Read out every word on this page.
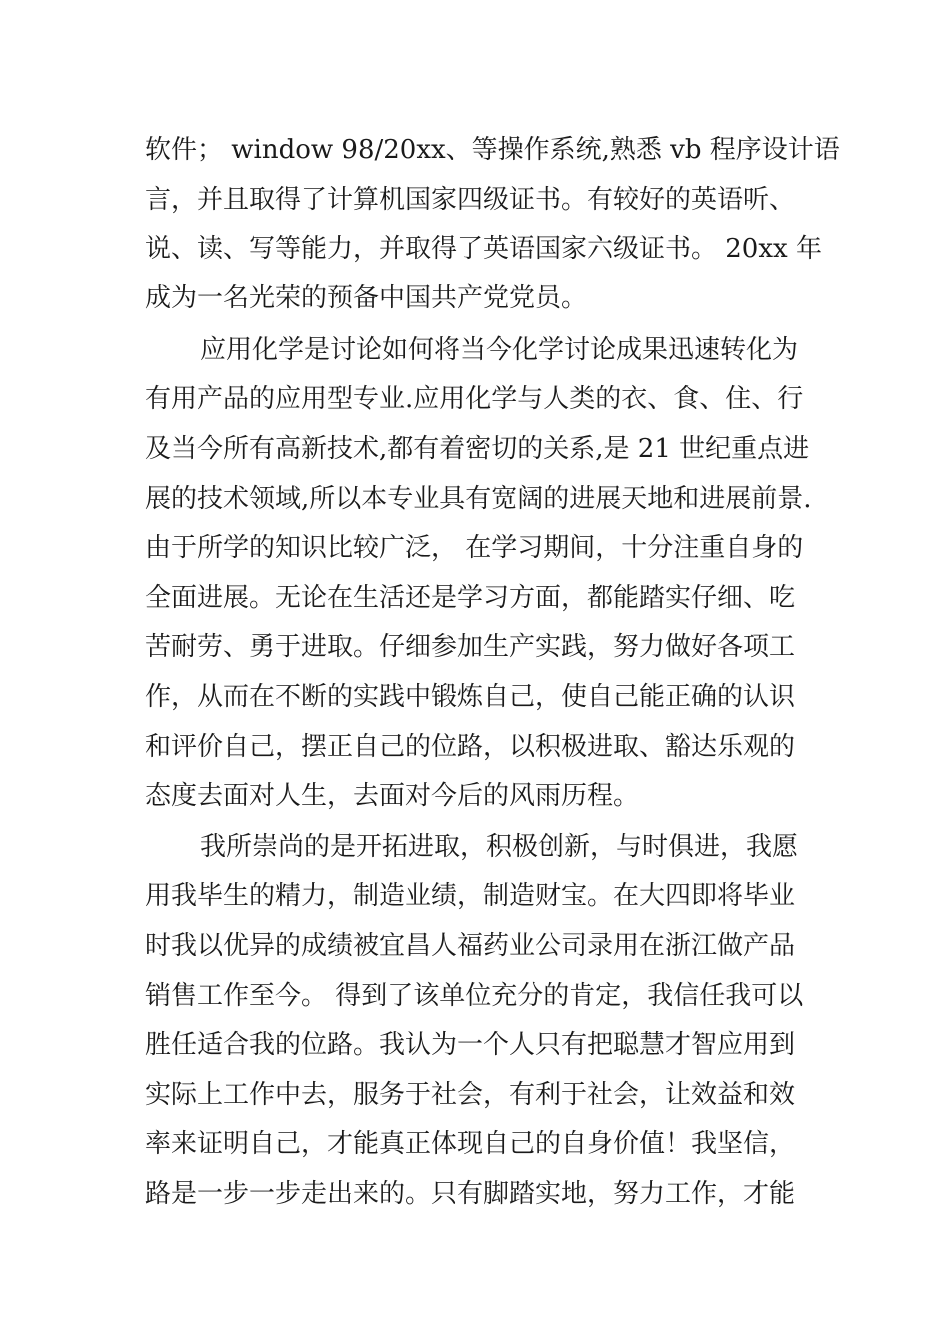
软件； window 98/20xx、等操作系统,熟悉 vb 程序设计语
言，并且取得了计算机国家四级证书。有较好的英语听、
说、读、写等能力，并取得了英语国家六级证书。 20xx 年
成为一名光荣的预备中国共产党党员。
应用化学是讨论如何将当今化学讨论成果迅速转化为
有用产品的应用型专业.应用化学与人类的衣、食、住、行
及当今所有高新技术,都有着密切的关系,是 21 世纪重点进
展的技术领域,所以本专业具有宽阔的进展天地和进展前景.
由于所学的知识比较广泛， 在学习期间，十分注重自身的
全面进展。无论在生活还是学习方面，都能踏实仔细、吃
苦耐劳、勇于进取。仔细参加生产实践，努力做好各项工
作，从而在不断的实践中锻炼自己，使自己能正确的认识
和评价自己，摆正自己的位路，以积极进取、豁达乐观的
态度去面对人生，去面对今后的风雨历程。
我所崇尚的是开拓进取，积极创新，与时俱进，我愿
用我毕生的精力，制造业绩，制造财宝。在大四即将毕业
时我以优异的成绩被宜昌人福药业公司录用在浙江做产品
销售工作至今。 得到了该单位充分的肯定，我信任我可以
胜任适合我的位路。我认为一个人只有把聪慧才智应用到
实际上工作中去，服务于社会，有利于社会，让效益和效
率来证明自己，才能真正体现自己的自身价值！我坚信，
路是一步一步走出来的。只有脚踏实地，努力工作，才能
